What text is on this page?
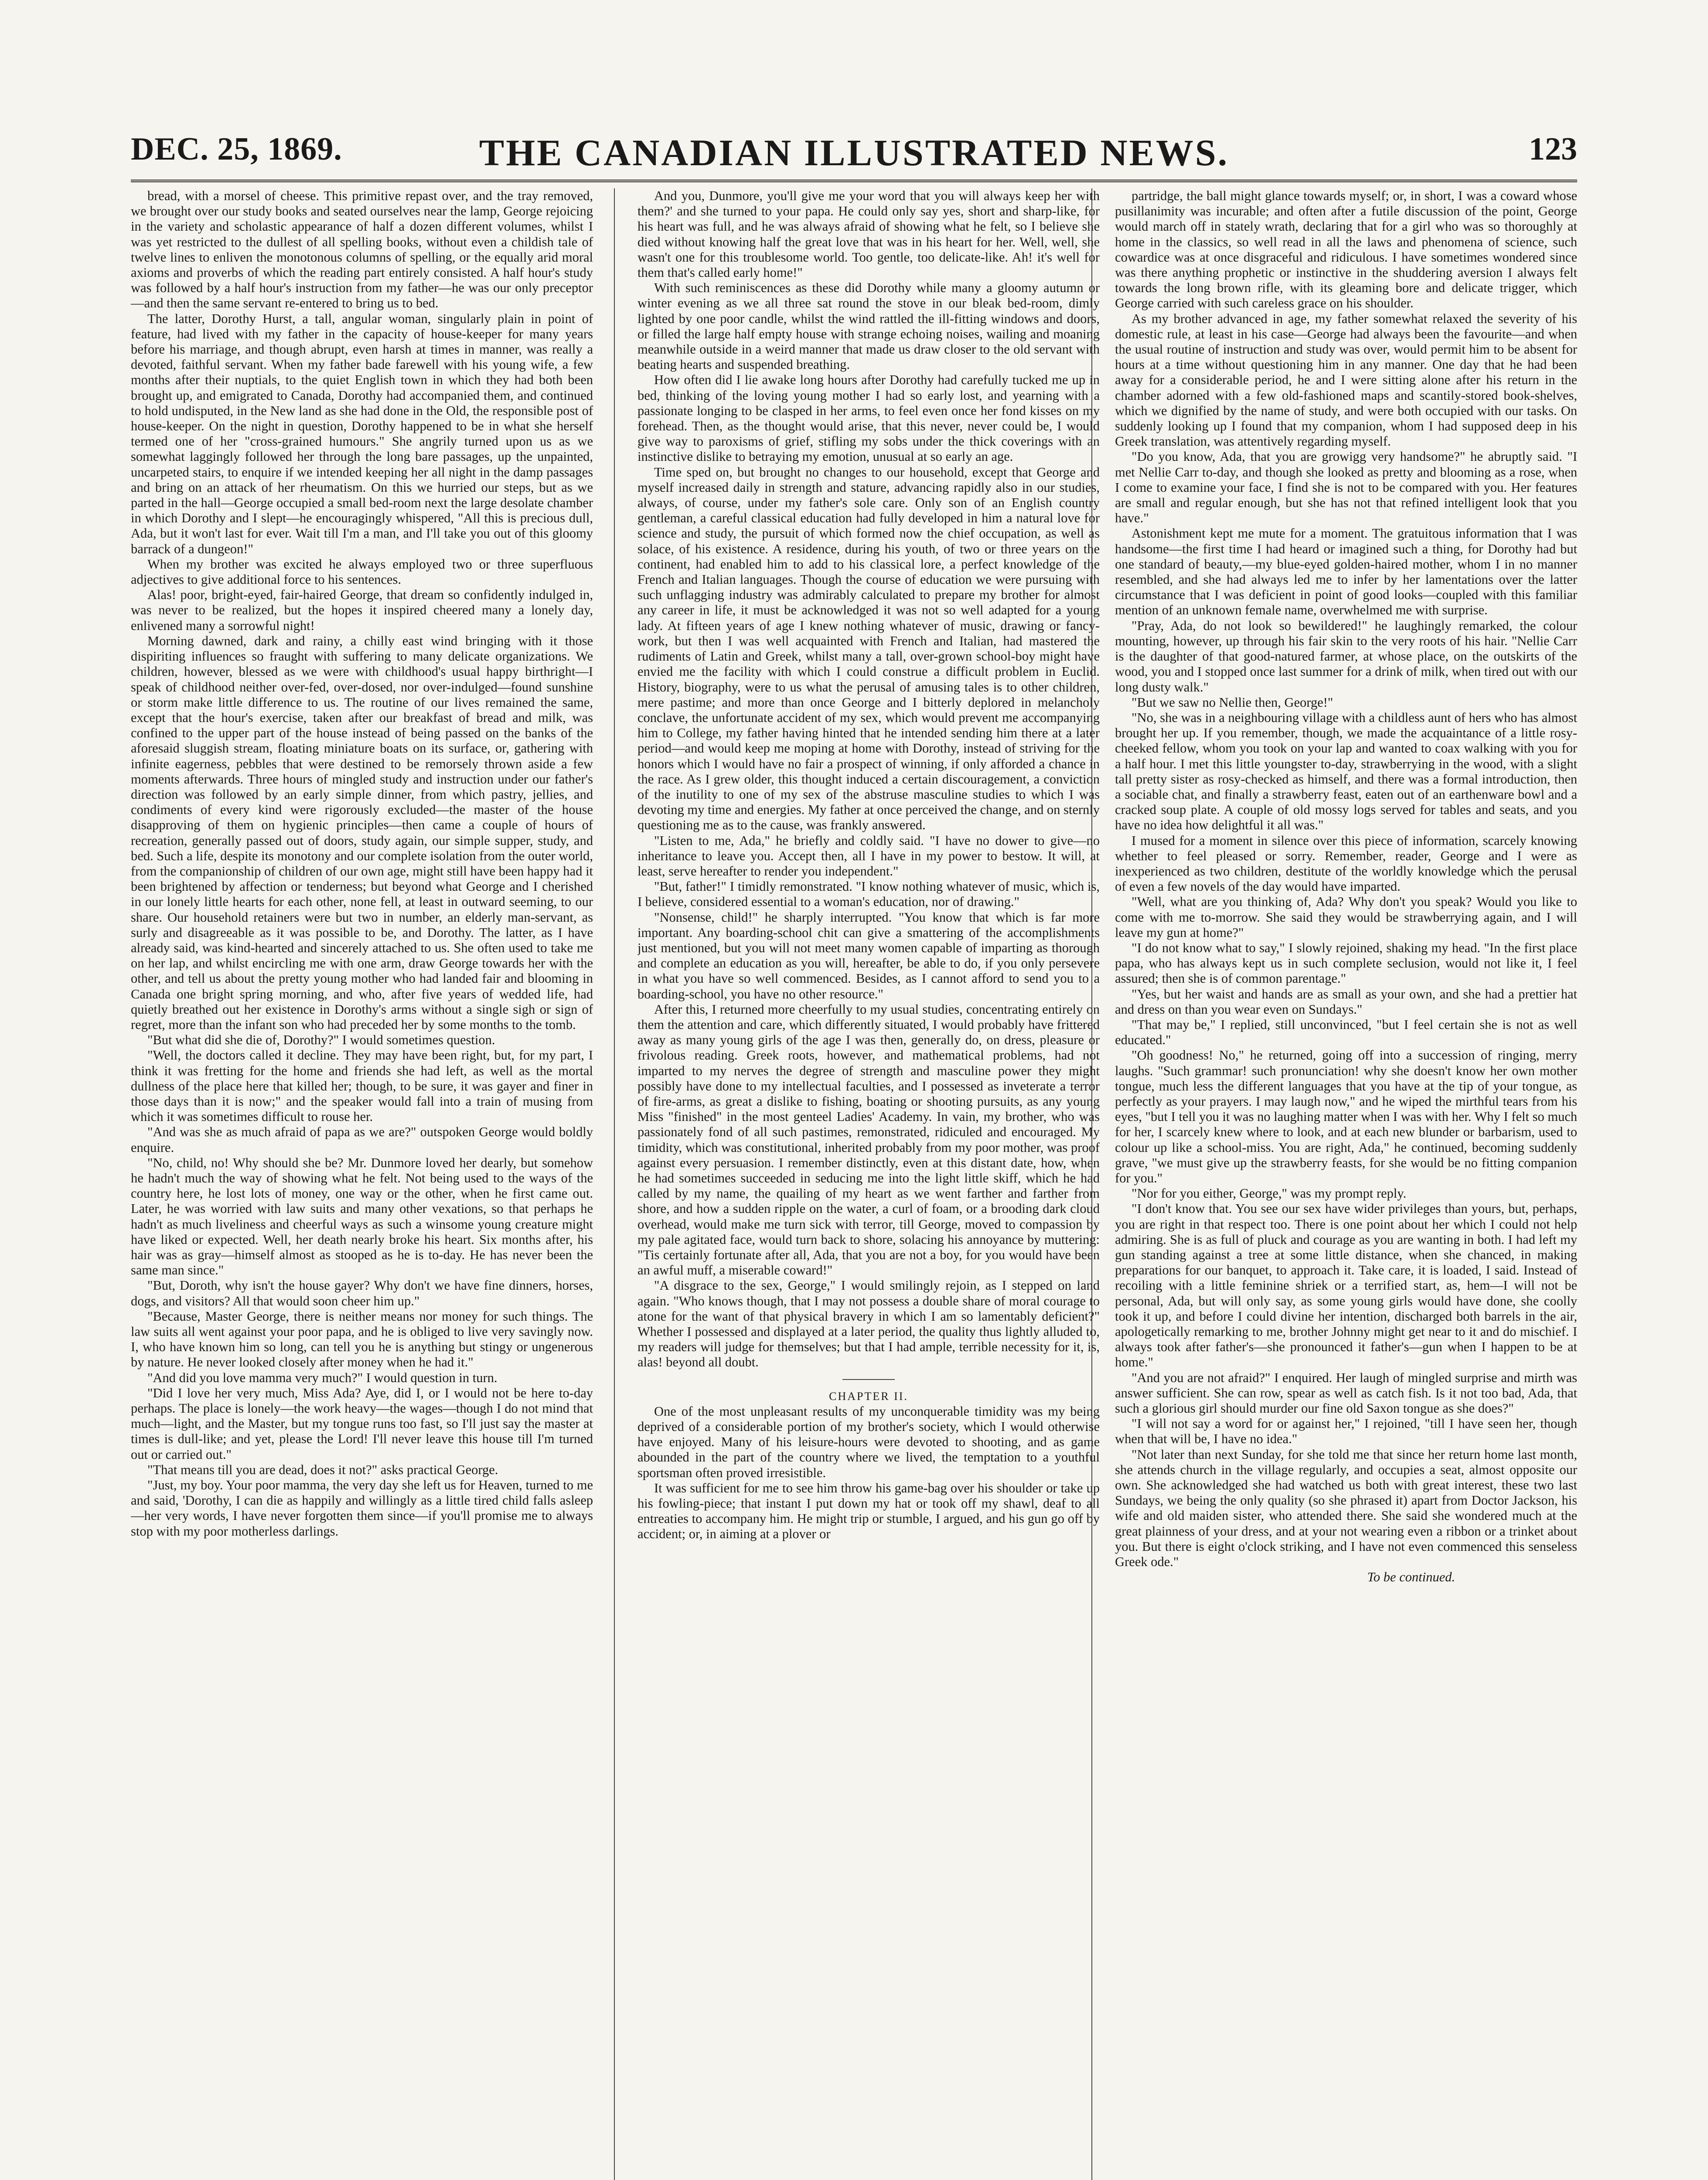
DEC. 25, 1869.	THE CANADIAN ILLUSTRATED NEWS.	123

bread, with a morsel of cheese. This primitive repast over, and the tray removed, we brought over our study books and seated ourselves near the lamp, George rejoicing in the variety and scholastic appearance of half a dozen different volumes, whilst I was yet restricted to the dullest of all spelling books, without even a childish tale of twelve lines to enliven the monotonous columns of spelling, or the equally arid moral axioms and proverbs of which the reading part entirely consisted. A half hour's study was followed by a half hour's instruction from my father—he was our only preceptor—and then the same servant re-entered to bring us to bed.

The latter, Dorothy Hurst, a tall, angular woman, singularly plain in point of feature, had lived with my father in the capacity of house-keeper for many years before his marriage, and though abrupt, even harsh at times in manner, was really a devoted, faithful servant. When my father bade farewell with his young wife, a few months after their nuptials, to the quiet English town in which they had both been brought up, and emigrated to Canada, Dorothy had accompanied them, and continued to hold undisputed, in the New land as she had done in the Old, the responsible post of house-keeper. On the night in question, Dorothy happened to be in what she herself termed one of her "cross-grained humours." She angrily turned upon us as we somewhat laggingly followed her through the long bare passages, up the unpainted, uncarpeted stairs, to enquire if we intended keeping her all night in the damp passages and bring on an attack of her rheumatism. On this we hurried our steps, but as we parted in the hall—George occupied a small bed-room next the large desolate chamber in which Dorothy and I slept—he encouragingly whispered, "All this is precious dull, Ada, but it won't last for ever. Wait till I'm a man, and I'll take you out of this gloomy barrack of a dungeon!"

When my brother was excited he always employed two or three superfluous adjectives to give additional force to his sentences.

Alas! poor, bright-eyed, fair-haired George, that dream so confidently indulged in, was never to be realized, but the hopes it inspired cheered many a lonely day, enlivened many a sorrowful night!

Morning dawned, dark and rainy, a chilly east wind bringing with it those dispiriting influences so fraught with suffering to many delicate organizations. We children, however, blessed as we were with childhood's usual happy birthright—I speak of childhood neither over-fed, over-dosed, nor over-indulged—found sunshine or storm make little difference to us. The routine of our lives remained the same, except that the hour's exercise, taken after our breakfast of bread and milk, was confined to the upper part of the house instead of being passed on the banks of the aforesaid sluggish stream, floating miniature boats on its surface, or, gathering with infinite eagerness, pebbles that were destined to be remorsely thrown aside a few moments afterwards. Three hours of mingled study and instruction under our father's direction was followed by an early simple dinner, from which pastry, jellies, and condiments of every kind were rigorously excluded—the master of the house disapproving of them on hygienic principles—then came a couple of hours of recreation, generally passed out of doors, study again, our simple supper, study, and bed. Such a life, despite its monotony and our complete isolation from the outer world, from the companionship of children of our own age, might still have been happy had it been brightened by affection or tenderness; but beyond what George and I cherished in our lonely little hearts for each other, none fell, at least in outward seeming, to our share. Our household retainers were but two in number, an elderly man-servant, as surly and disagreeable as it was possible to be, and Dorothy. The latter, as I have already said, was kind-hearted and sincerely attached to us. She often used to take me on her lap, and whilst encircling me with one arm, draw George towards her with the other, and tell us about the pretty young mother who had landed fair and blooming in Canada one bright spring morning, and who, after five years of wedded life, had quietly breathed out her existence in Dorothy's arms without a single sigh or sign of regret, more than the infant son who had preceded her by some months to the tomb.

"But what did she die of, Dorothy?" I would sometimes question.

"Well, the doctors called it decline. They may have been right, but, for my part, I think it was fretting for the home and friends she had left, as well as the mortal dullness of the place here that killed her; though, to be sure, it was gayer and finer in those days than it is now;" and the speaker would fall into a train of musing from which it was sometimes difficult to rouse her.

"And was she as much afraid of papa as we are?" outspoken George would boldly enquire.

"No, child, no! Why should she be? Mr. Dunmore loved her dearly, but somehow he hadn't much the way of showing what he felt. Not being used to the ways of the country here, he lost lots of money, one way or the other, when he first came out. Later, he was worried with law suits and many other vexations, so that perhaps he hadn't as much liveliness and cheerful ways as such a winsome young creature might have liked or expected. Well, her death nearly broke his heart. Six months after, his hair was as gray—himself almost as stooped as he is to-day. He has never been the same man since."

"But, Doroth, why isn't the house gayer? Why don't we have fine dinners, horses, dogs, and visitors? All that would soon cheer him up."

"Because, Master George, there is neither means nor money for such things. The law suits all went against your poor papa, and he is obliged to live very savingly now. I, who have known him so long, can tell you he is anything but stingy or ungenerous by nature. He never looked closely after money when he had it."

"And did you love mamma very much?" I would question in turn.

"Did I love her very much, Miss Ada? Aye, did I, or I would not be here to-day perhaps. The place is lonely—the work heavy—the wages—though I do not mind that much—light, and the Master, but my tongue runs too fast, so I'll just say the master at times is dull-like; and yet, please the Lord! I'll never leave this house till I'm turned out or carried out."

"That means till you are dead, does it not?" asks practical George.

"Just, my boy. Your poor mamma, the very day she left us for Heaven, turned to me and said, 'Dorothy, I can die as happily and willingly as a little tired child falls asleep—her very words, I have never forgotten them since—if you'll promise me to always stop with my poor motherless darlings.

And you, Dunmore, you'll give me your word that you will always keep her with them?' and she turned to your papa. He could only say yes, short and sharp-like, for his heart was full, and he was always afraid of showing what he felt, so I believe she died without knowing half the great love that was in his heart for her. Well, well, she wasn't one for this troublesome world. Too gentle, too delicate-like. Ah! it's well for them that's called early home!"

With such reminiscences as these did Dorothy while many a gloomy autumn or winter evening as we all three sat round the stove in our bleak bed-room, dimly lighted by one poor candle, whilst the wind rattled the ill-fitting windows and doors, or filled the large half empty house with strange echoing noises, wailing and moaning meanwhile outside in a weird manner that made us draw closer to the old servant with beating hearts and suspended breathing.

How often did I lie awake long hours after Dorothy had carefully tucked me up in bed, thinking of the loving young mother I had so early lost, and yearning with a passionate longing to be clasped in her arms, to feel even once her fond kisses on my forehead. Then, as the thought would arise, that this never, never could be, I would give way to paroxisms of grief, stifling my sobs under the thick coverings with an instinctive dislike to betraying my emotion, unusual at so early an age.

Time sped on, but brought no changes to our household, except that George and myself increased daily in strength and stature, advancing rapidly also in our studies, always, of course, under my father's sole care. Only son of an English country gentleman, a careful classical education had fully developed in him a natural love for science and study, the pursuit of which formed now the chief occupation, as well as solace, of his existence. A residence, during his youth, of two or three years on the continent, had enabled him to add to his classical lore, a perfect knowledge of the French and Italian languages. Though the course of education we were pursuing with such unflagging industry was admirably calculated to prepare my brother for almost any career in life, it must be acknowledged it was not so well adapted for a young lady. At fifteen years of age I knew nothing whatever of music, drawing or fancy-work, but then I was well acquainted with French and Italian, had mastered the rudiments of Latin and Greek, whilst many a tall, over-grown school-boy might have envied me the facility with which I could construe a difficult problem in Euclid. History, biography, were to us what the perusal of amusing tales is to other children, mere pastime; and more than once George and I bitterly deplored in melancholy conclave, the unfortunate accident of my sex, which would prevent me accompanying him to College, my father having hinted that he intended sending him there at a later period—and would keep me moping at home with Dorothy, instead of striving for the honors which I would have no fair a prospect of winning, if only afforded a chance in the race. As I grew older, this thought induced a certain discouragement, a conviction of the inutility to one of my sex of the abstruse masculine studies to which I was devoting my time and energies. My father at once perceived the change, and on sternly questioning me as to the cause, was frankly answered.

"Listen to me, Ada," he briefly and coldly said. "I have no dower to give—no inheritance to leave you. Accept then, all I have in my power to bestow. It will, at least, serve hereafter to render you independent."

"But, father!" I timidly remonstrated. "I know nothing whatever of music, which is, I believe, considered essential to a woman's education, nor of drawing."

"Nonsense, child!" he sharply interrupted. "You know that which is far more important. Any boarding-school chit can give a smattering of the accomplishments just mentioned, but you will not meet many women capable of imparting as thorough and complete an education as you will, hereafter, be able to do, if you only persevere in what you have so well commenced. Besides, as I cannot afford to send you to a boarding-school, you have no other resource."

After this, I returned more cheerfully to my usual studies, concentrating entirely on them the attention and care, which differently situated, I would probably have frittered away as many young girls of the age I was then, generally do, on dress, pleasure or frivolous reading. Greek roots, however, and mathematical problems, had not imparted to my nerves the degree of strength and masculine power they might possibly have done to my intellectual faculties, and I possessed as inveterate a terror of fire-arms, as great a dislike to fishing, boating or shooting pursuits, as any young Miss "finished" in the most genteel Ladies' Academy. In vain, my brother, who was passionately fond of all such pastimes, remonstrated, ridiculed and encouraged. My timidity, which was constitutional, inherited probably from my poor mother, was proof against every persuasion. I remember distinctly, even at this distant date, how, when he had sometimes succeeded in seducing me into the light little skiff, which he had called by my name, the quailing of my heart as we went farther and farther from shore, and how a sudden ripple on the water, a curl of foam, or a brooding dark cloud overhead, would make me turn sick with terror, till George, moved to compassion by my pale agitated face, would turn back to shore, solacing his annoyance by muttering: "Tis certainly fortunate after all, Ada, that you are not a boy, for you would have been an awful muff, a miserable coward!"

"A disgrace to the sex, George," I would smilingly rejoin, as I stepped on land again. "Who knows though, that I may not possess a double share of moral courage to atone for the want of that physical bravery in which I am so lamentably deficient?" Whether I possessed and displayed at a later period, the quality thus lightly alluded to, my readers will judge for themselves; but that I had ample, terrible necessity for it, is, alas! beyond all doubt.

CHAPTER II.

One of the most unpleasant results of my unconquerable timidity was my being deprived of a considerable portion of my brother's society, which I would otherwise have enjoyed. Many of his leisure-hours were devoted to shooting, and as game abounded in the part of the country where we lived, the temptation to a youthful sportsman often proved irresistible.

It was sufficient for me to see him throw his game-bag over his shoulder or take up his fowling-piece; that instant I put down my hat or took off my shawl, deaf to all entreaties to accompany him. He might trip or stumble, I argued, and his gun go off by accident; or, in aiming at a plover or

partridge, the ball might glance towards myself; or, in short, I was a coward whose pusillanimity was incurable; and often after a futile discussion of the point, George would march off in stately wrath, declaring that for a girl who was so thoroughly at home in the classics, so well read in all the laws and phenomena of science, such cowardice was at once disgraceful and ridiculous. I have sometimes wondered since was there anything prophetic or instinctive in the shuddering aversion I always felt towards the long brown rifle, with its gleaming bore and delicate trigger, which George carried with such careless grace on his shoulder.

As my brother advanced in age, my father somewhat relaxed the severity of his domestic rule, at least in his case—George had always been the favourite—and when the usual routine of instruction and study was over, would permit him to be absent for hours at a time without questioning him in any manner. One day that he had been away for a considerable period, he and I were sitting alone after his return in the chamber adorned with a few old-fashioned maps and scantily-stored book-shelves, which we dignified by the name of study, and were both occupied with our tasks. On suddenly looking up I found that my companion, whom I had supposed deep in his Greek translation, was attentively regarding myself.

"Do you know, Ada, that you are growigg very handsome?" he abruptly said. "I met Nellie Carr to-day, and though she looked as pretty and blooming as a rose, when I come to examine your face, I find she is not to be compared with you. Her features are small and regular enough, but she has not that refined intelligent look that you have."

Astonishment kept me mute for a moment. The gratuitous information that I was handsome—the first time I had heard or imagined such a thing, for Dorothy had but one standard of beauty,—my blue-eyed golden-haired mother, whom I in no manner resembled, and she had always led me to infer by her lamentations over the latter circumstance that I was deficient in point of good looks—coupled with this familiar mention of an unknown female name, overwhelmed me with surprise.

"Pray, Ada, do not look so bewildered!" he laughingly remarked, the colour mounting, however, up through his fair skin to the very roots of his hair. "Nellie Carr is the daughter of that good-natured farmer, at whose place, on the outskirts of the wood, you and I stopped once last summer for a drink of milk, when tired out with our long dusty walk."

"But we saw no Nellie then, George!"

"No, she was in a neighbouring village with a childless aunt of hers who has almost brought her up. If you remember, though, we made the acquaintance of a little rosy-cheeked fellow, whom you took on your lap and wanted to coax walking with you for a half hour. I met this little youngster to-day, strawberrying in the wood, with a slight tall pretty sister as rosy-checked as himself, and there was a formal introduction, then a sociable chat, and finally a strawberry feast, eaten out of an earthenware bowl and a cracked soup plate. A couple of old mossy logs served for tables and seats, and you have no idea how delightful it all was."

I mused for a moment in silence over this piece of information, scarcely knowing whether to feel pleased or sorry. Remember, reader, George and I were as inexperienced as two children, destitute of the worldly knowledge which the perusal of even a few novels of the day would have imparted.

"Well, what are you thinking of, Ada? Why don't you speak? Would you like to come with me to-morrow. She said they would be strawberrying again, and I will leave my gun at home?"

"I do not know what to say," I slowly rejoined, shaking my head. "In the first place papa, who has always kept us in such complete seclusion, would not like it, I feel assured; then she is of common parentage."

"Yes, but her waist and hands are as small as your own, and she had a prettier hat and dress on than you wear even on Sundays."

"That may be," I replied, still unconvinced, "but I feel certain she is not as well educated."

"Oh goodness! No," he returned, going off into a succession of ringing, merry laughs. "Such grammar! such pronunciation! why she doesn't know her own mother tongue, much less the different languages that you have at the tip of your tongue, as perfectly as your prayers. I may laugh now," and he wiped the mirthful tears from his eyes, "but I tell you it was no laughing matter when I was with her. Why I felt so much for her, I scarcely knew where to look, and at each new blunder or barbarism, used to colour up like a school-miss. You are right, Ada," he continued, becoming suddenly grave, "we must give up the strawberry feasts, for she would be no fitting companion for you."

"Nor for you either, George," was my prompt reply.

"I don't know that. You see our sex have wider privileges than yours, but, perhaps, you are right in that respect too. There is one point about her which I could not help admiring. She is as full of pluck and courage as you are wanting in both. I had left my gun standing against a tree at some little distance, when she chanced, in making preparations for our banquet, to approach it. Take care, it is loaded, I said. Instead of recoiling with a little feminine shriek or a terrified start, as, hem—I will not be personal, Ada, but will only say, as some young girls would have done, she coolly took it up, and before I could divine her intention, discharged both barrels in the air, apologetically remarking to me, brother Johnny might get near to it and do mischief. I always took after father's—she pronounced it father's—gun when I happen to be at home."

"And you are not afraid?" I enquired. Her laugh of mingled surprise and mirth was answer sufficient. She can row, spear as well as catch fish. Is it not too bad, Ada, that such a glorious girl should murder our fine old Saxon tongue as she does?"

"I will not say a word for or against her," I rejoined, "till I have seen her, though when that will be, I have no idea."

"Not later than next Sunday, for she told me that since her return home last month, she attends church in the village regularly, and occupies a seat, almost opposite our own. She acknowledged she had watched us both with great interest, these two last Sundays, we being the only quality (so she phrased it) apart from Doctor Jackson, his wife and old maiden sister, who attended there. She said she wondered much at the great plainness of your dress, and at your not wearing even a ribbon or a trinket about you. But there is eight o'clock striking, and I have not even commenced this senseless Greek ode."

To be continued.
